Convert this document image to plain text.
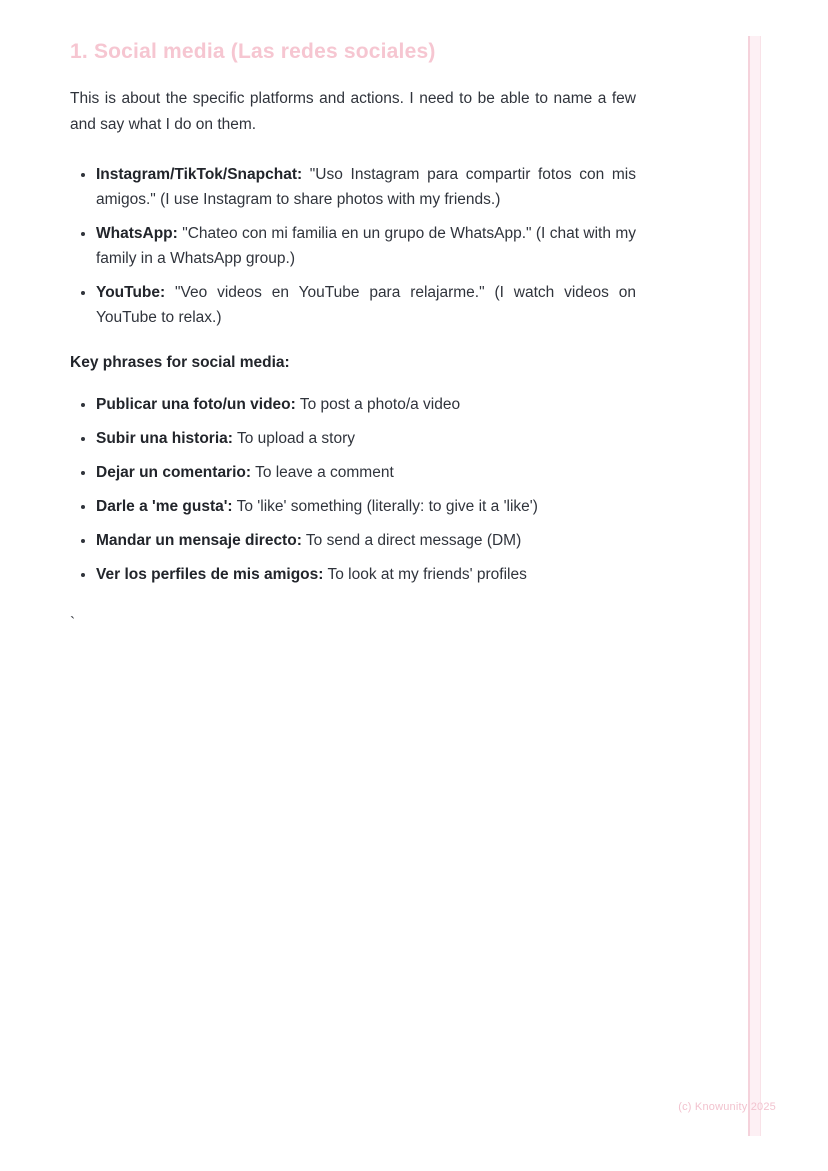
1. Social media (Las redes sociales)

This is about the specific platforms and actions. I need to be able to name a few and say what I do on them.

• Instagram/TikTok/Snapchat: "Uso Instagram para compartir fotos con mis amigos." (I use Instagram to share photos with my friends.)
• WhatsApp: "Chateo con mi familia en un grupo de WhatsApp." (I chat with my family in a WhatsApp group.)
• YouTube: "Veo videos en YouTube para relajarme." (I watch videos on YouTube to relax.)

Key phrases for social media:

• Publicar una foto/un video: To post a photo/a video
• Subir una historia: To upload a story
• Dejar un comentario: To leave a comment
• Darle a 'me gusta': To 'like' something (literally: to give it a 'like')
• Mandar un mensaje directo: To send a direct message (DM)
• Ver los perfiles de mis amigos: To look at my friends' profiles

`

(c) Knowunity 2025
